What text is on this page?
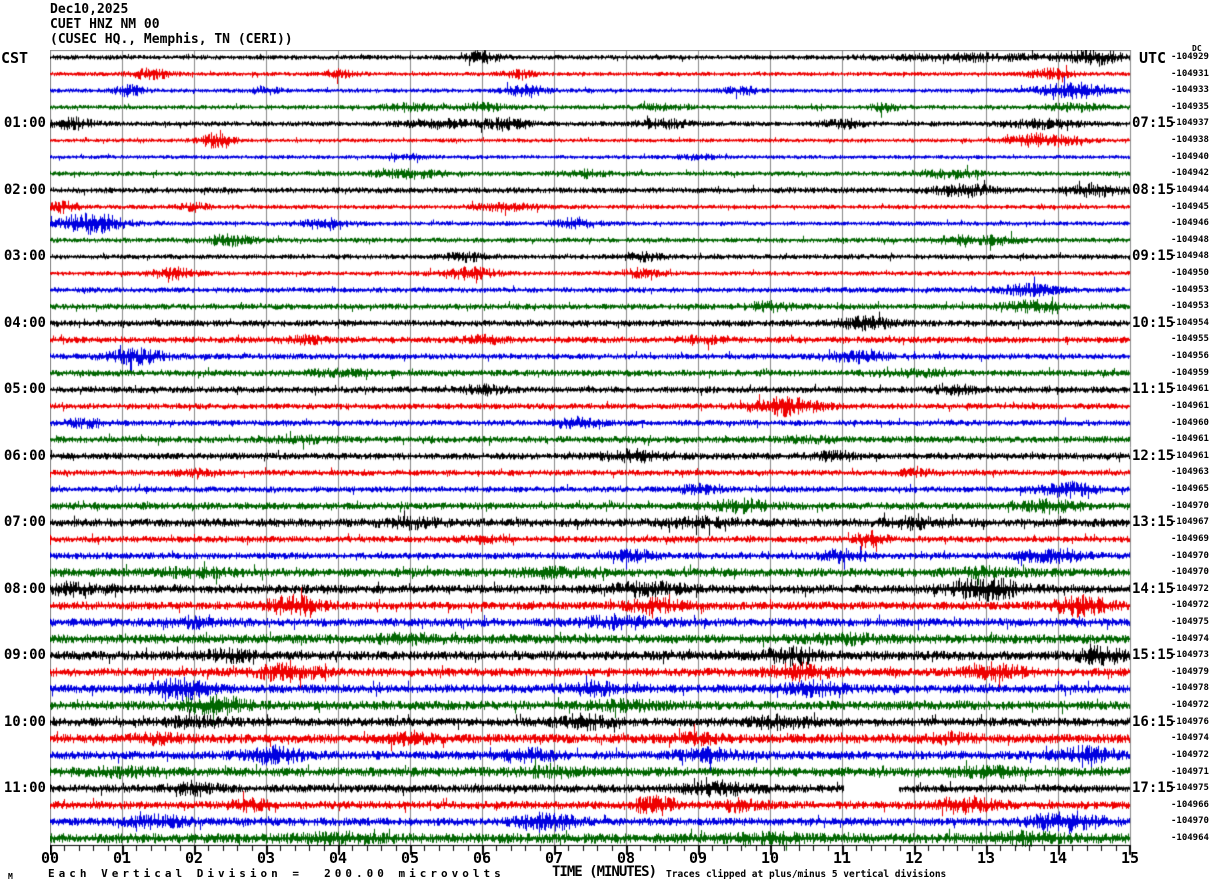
Dec10,2025
CUET HNZ NM 00
(CUSEC HQ., Memphis, TN (CERI))
CST	UTC
DC
Each Vertical Division =  200.00 microvolts
M	TIME (MINUTES) Traces clipped at plus/minus 5 vertical divisions
-104929
-104931
-104933
-104935
01:00	07:15
-104937
-104938
-104940
-104942
02:00	08:15
-104944
-104945
-104946
-104948
03:00	09:15
-104948
-104950
-104953
-104953
04:00	10:15
-104954
-104955
-104956
-104959
05:00	11:15
-104961
-104961
-104960
-104961
06:00	12:15
-104961
-104963
-104965
-104970
07:00	13:15
-104967
-104969
-104970
-104970
08:00	14:15
-104972
-104972
-104975
-104974
09:00	15:15
-104973
-104979
-104978
-104972
10:00	16:15
-104976
-104974
-104972
-104971
11:00	17:15
-104975
-104966
-104970
-104964
00	01	02	03	04	05	06	07	08	09	10	11	12	13	14	15
